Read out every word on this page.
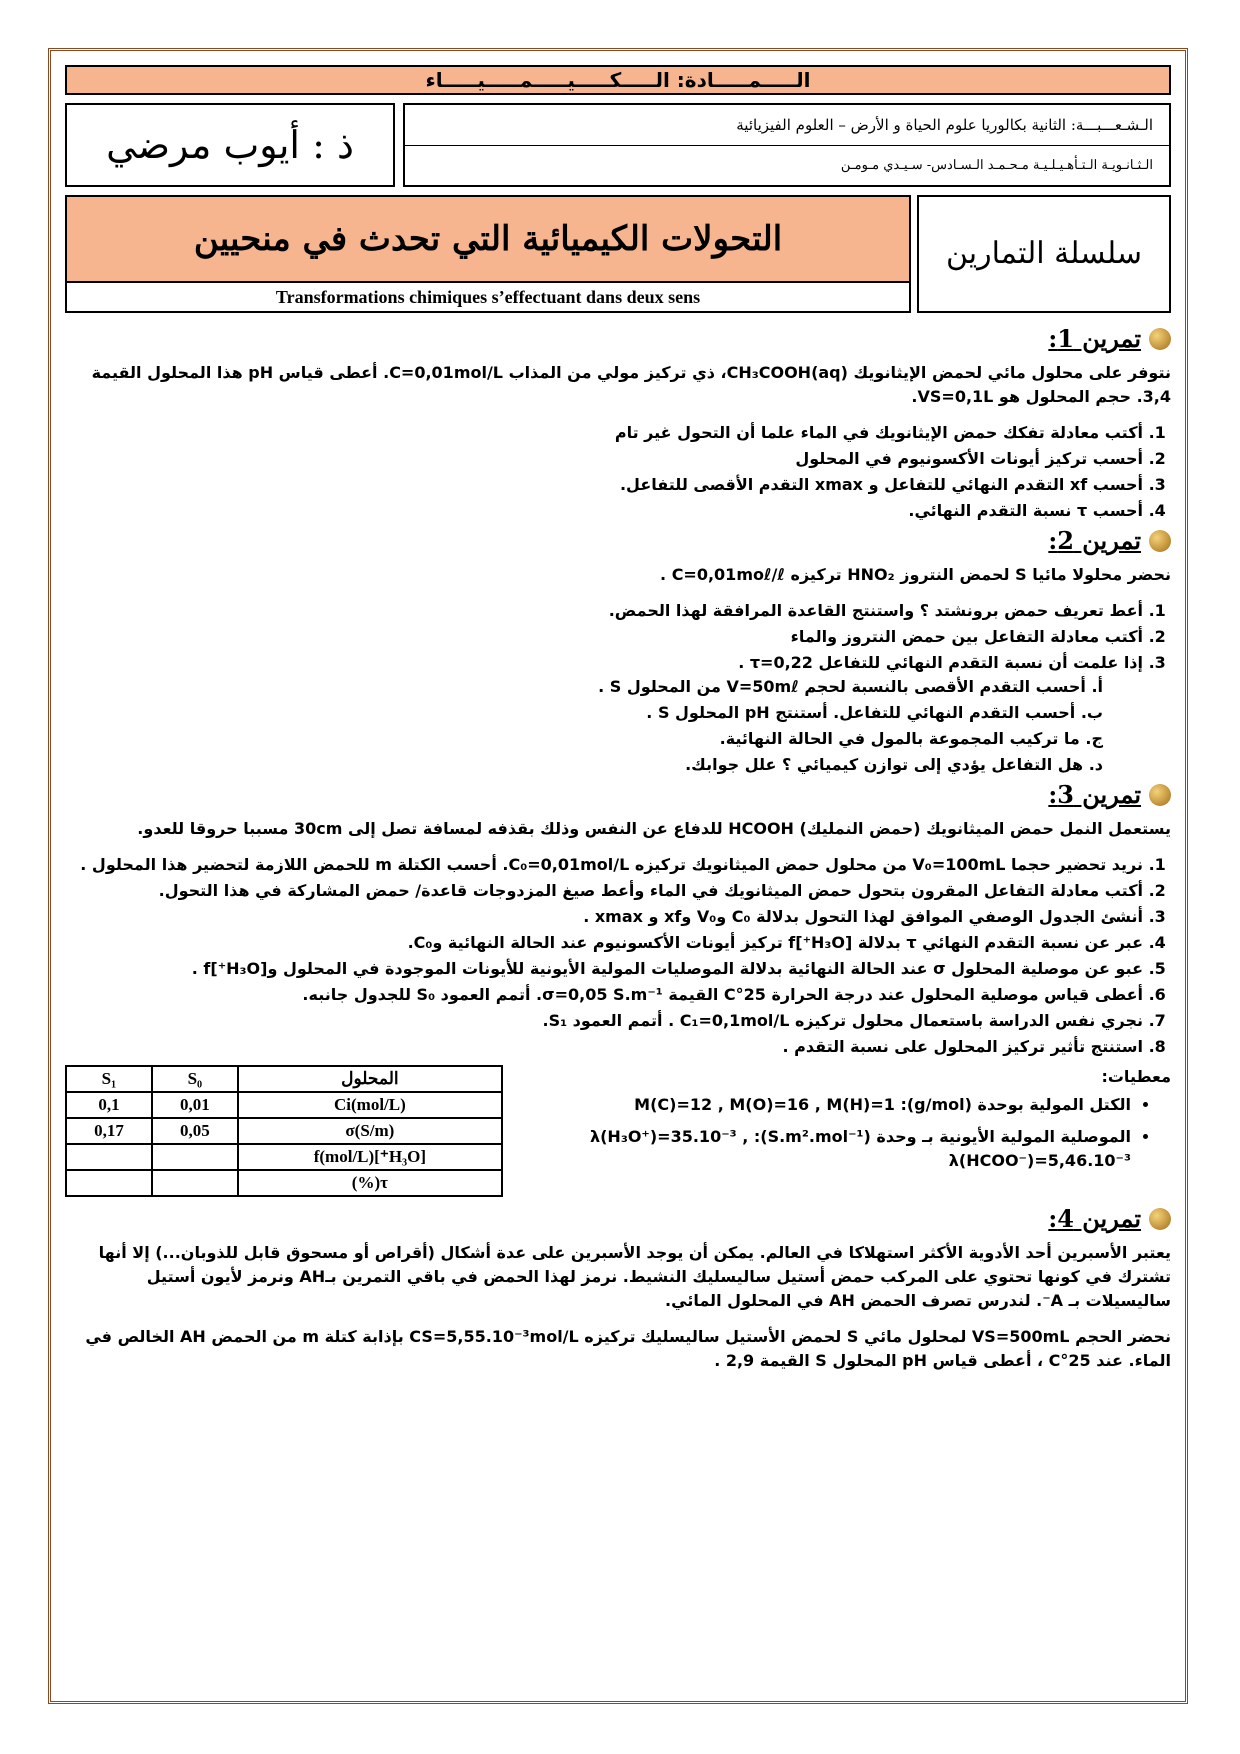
الـــــمـــــادة: الـــــكـــــيـــــمـــــيـــــاء
ذ : أيوب مرضي	الـشـعـــبـــة: الثانية بكالوريا علوم الحياة و الأرض – العلوم الفيزيائية
الـثـانـويـة الـتـأهـيـلـيـة مـحـمـد الـسـادس- سـيـدي مـومـن
التحولات الكيميائية التي تحدث في منحيين
Transformations chimiques s’effectuant dans deux sens
سلسلة التمارين
تمرين 1:

نتوفر على محلول مائي لحمض الإيثانويك CH₃COOH(aq)، ذي تركيز مولي من المذاب C=0,01mol/L. أعطى قياس pH هذا المحلول القيمة 3,4. حجم المحلول هو VS=0,1L.

1. أكتب معادلة تفكك حمض الإيثانويك في الماء علما أن التحول غير تام
2. أحسب تركيز أيونات الأكسونيوم في المحلول
3. أحسب xf التقدم النهائي للتفاعل و xmax التقدم الأقصى للتفاعل.
4. أحسب τ نسبة التقدم النهائي.
تمرين 2:

نحضر محلولا مائيا S لحمض النتروز HNO₂ تركيزه C=0,01moℓ/ℓ .

1. أعط تعريف حمض برونشتد ؟ واستنتج القاعدة المرافقة لهذا الحمض.
2. أكتب معادلة التفاعل بين حمض النتروز والماء
3. إذا علمت أن نسبة التقدم النهائي للتفاعل τ=0,22 .
أ. أحسب التقدم الأقصى بالنسبة لحجم V=50mℓ من المحلول S .
ب. أحسب التقدم النهائي للتفاعل. أستنتج pH المحلول S .
ج. ما تركيب المجموعة بالمول في الحالة النهائية.
د. هل التفاعل يؤدي إلى توازن كيميائي ؟ علل جوابك.
تمرين 3:

يستعمل النمل حمض الميثانويك (حمض النمليك) HCOOH للدفاع عن النفس وذلك بقذفه لمسافة تصل إلى 30cm مسببا حروقا للعدو.

1. نريد تحضير حجما V₀=100mL من محلول حمض الميثانويك تركيزه C₀=0,01mol/L. أحسب الكتلة m للحمض اللازمة لتحضير هذا المحلول .
2. أكتب معادلة التفاعل المقرون بتحول حمض الميثانويك في الماء وأعط صيغ المزدوجات قاعدة/ حمض المشاركة في هذا التحول.
3. أنشئ الجدول الوصفي الموافق لهذا التحول بدلالة C₀ وV₀ وxf و xmax .
4. عبر عن نسبة التقدم النهائي τ بدلالة [H₃O⁺]f تركيز أيونات الأكسونيوم عند الحالة النهائية وC₀.
5. عبو عن موصلية المحلول σ عند الحالة النهائية بدلالة الموصليات المولية الأيونية للأيونات الموجودة في المحلول و[H₃O⁺]f .
6. أعطى قياس موصلية المحلول عند درجة الحرارة 25°C القيمة σ=0,05 S.m⁻¹. أتمم العمود S₀ للجدول جانبه.
7. نجري نفس الدراسة باستعمال محلول تركيزه C₁=0,1mol/L . أتمم العمود S₁.
8. استنتج تأثير تركيز المحلول على نسبة التقدم .
معطيات:
• الكتل المولية بوحدة (g/mol): M(C)=12 , M(O)=16 , M(H)=1
• الموصلية المولية الأيونية بـ وحدة (S.m².mol⁻¹): λ(H₃O⁺)=35.10⁻³ , λ(HCOO⁻)=5,46.10⁻³
المحلول	S₀	S₁
Ci(mol/L)	0,01	0,1
σ(S/m)	0,05	0,17
[H₃O⁺]f(mol/L)		
τ(%)		
تمرين 4:

يعتبر الأسبرين أحد الأدوية الأكثر استهلاكا في العالم. يمكن أن يوجد الأسبرين على عدة أشكال (أقراص أو مسحوق قابل للذوبان...) إلا أنها تشترك في كونها تحتوي على المركب حمض أستيل ساليسليك النشيط. نرمز لهذا الحمض في باقي التمرين بـAH ونرمز لأيون أستيل ساليسيلات بـ A⁻. لندرس تصرف الحمض AH في المحلول المائي.

نحضر الحجم VS=500mL لمحلول مائي S لحمض الأستيل ساليسليك تركيزه CS=5,55.10⁻³mol/L بإذابة كتلة m من الحمض AH الخالص في الماء. عند 25°C ، أعطى قياس pH المحلول S القيمة 2,9 .
